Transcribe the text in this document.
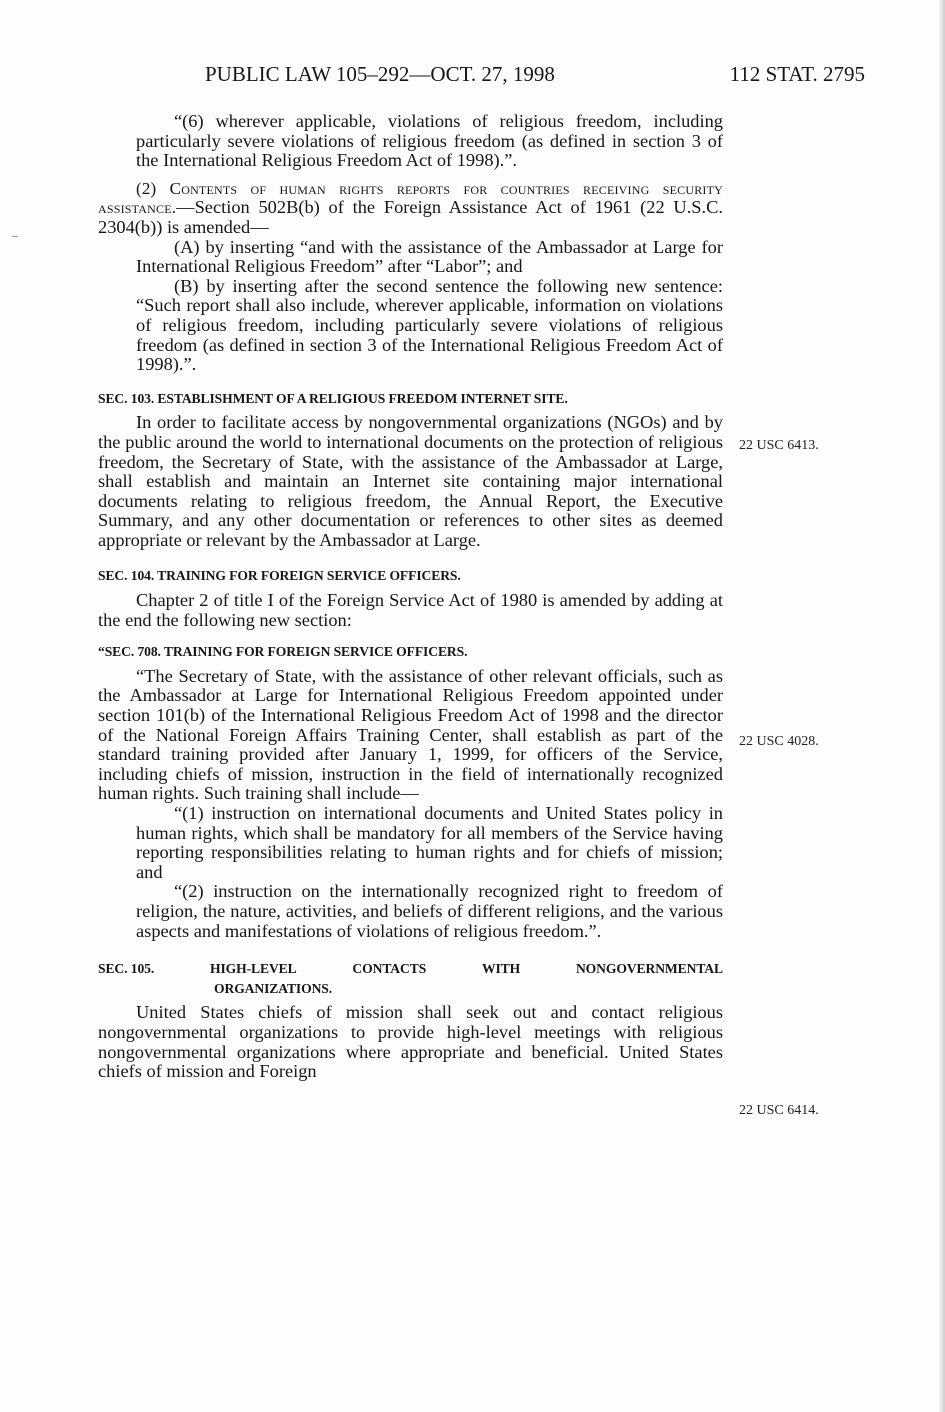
PUBLIC LAW 105–292—OCT. 27, 1998	112 STAT. 2795

“(6) wherever applicable, violations of religious freedom, including particularly severe violations of religious freedom (as defined in section 3 of the International Religious Freedom Act of 1998).”.

(2) Contents of human rights reports for countries receiving security assistance.—Section 502B(b) of the Foreign Assistance Act of 1961 (22 U.S.C. 2304(b)) is amended—

(A) by inserting “and with the assistance of the Ambassador at Large for International Religious Freedom” after “Labor”; and

(B) by inserting after the second sentence the following new sentence: “Such report shall also include, wherever applicable, information on violations of religious freedom, including particularly severe violations of religious freedom (as defined in section 3 of the International Religious Freedom Act of 1998).”.

SEC. 103. ESTABLISHMENT OF A RELIGIOUS FREEDOM INTERNET SITE.

In order to facilitate access by nongovernmental organizations (NGOs) and by the public around the world to international documents on the protection of religious freedom, the Secretary of State, with the assistance of the Ambassador at Large, shall establish and maintain an Internet site containing major international documents relating to religious freedom, the Annual Report, the Executive Summary, and any other documentation or references to other sites as deemed appropriate or relevant by the Ambassador at Large.

SEC. 104. TRAINING FOR FOREIGN SERVICE OFFICERS.

Chapter 2 of title I of the Foreign Service Act of 1980 is amended by adding at the end the following new section:

“SEC. 708. TRAINING FOR FOREIGN SERVICE OFFICERS.

“The Secretary of State, with the assistance of other relevant officials, such as the Ambassador at Large for International Religious Freedom appointed under section 101(b) of the International Religious Freedom Act of 1998 and the director of the National Foreign Affairs Training Center, shall establish as part of the standard training provided after January 1, 1999, for officers of the Service, including chiefs of mission, instruction in the field of internationally recognized human rights. Such training shall include—

“(1) instruction on international documents and United States policy in human rights, which shall be mandatory for all members of the Service having reporting responsibilities relating to human rights and for chiefs of mission; and

“(2) instruction on the internationally recognized right to freedom of religion, the nature, activities, and beliefs of different religions, and the various aspects and manifestations of violations of religious freedom.”.

SEC. 105.	HIGH-LEVEL	CONTACTS	WITH	NONGOVERNMENTAL
ORGANIZATIONS.

United States chiefs of mission shall seek out and contact religious nongovernmental organizations to provide high-level meetings with religious nongovernmental organizations where appropriate and beneficial. United States chiefs of mission and Foreign

22 USC 6413.
22 USC 4028.
22 USC 6414.
